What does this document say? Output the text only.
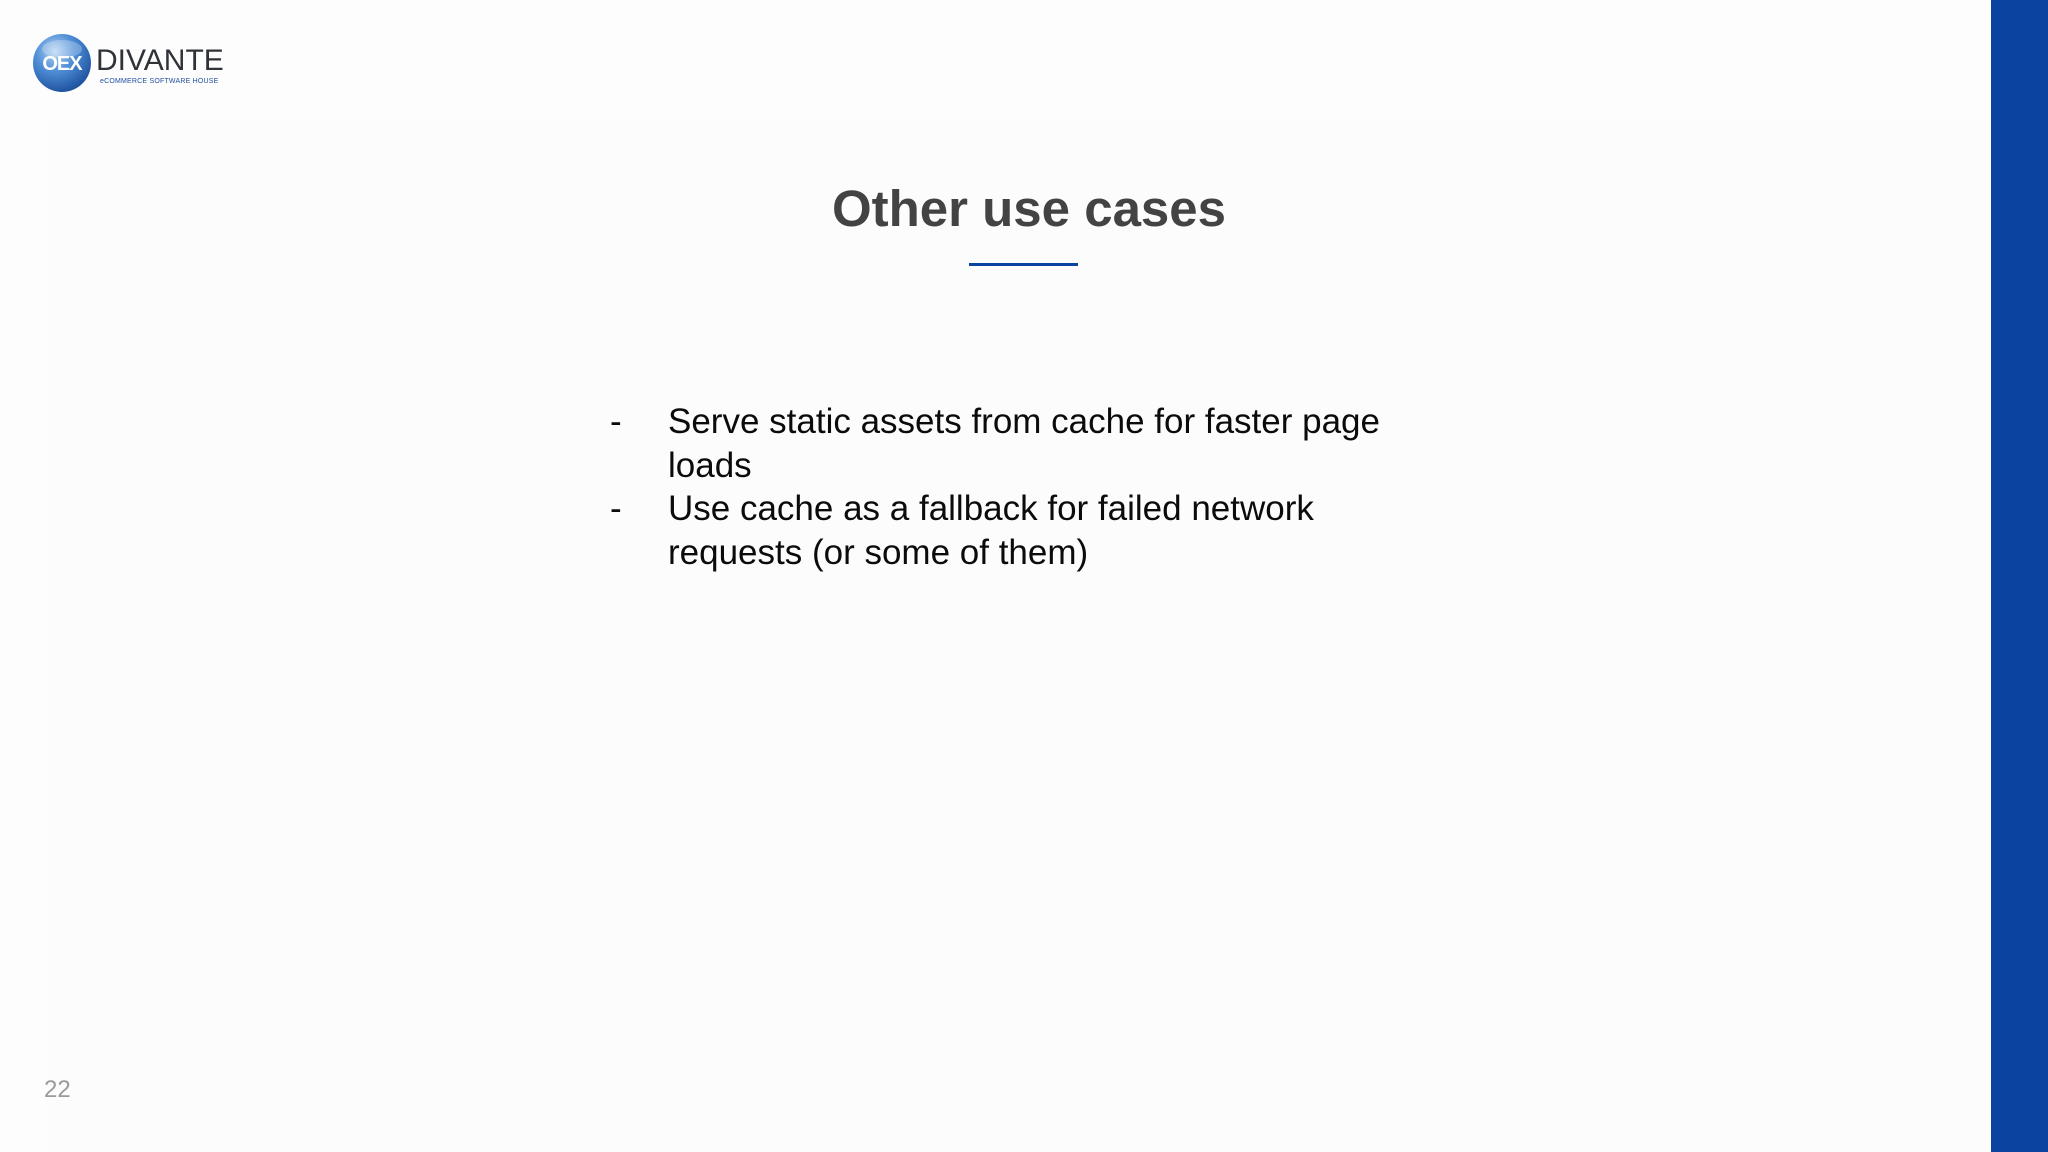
OEX DIVANTE
eCOMMERCE SOFTWARE HOUSE
Other use cases
- Serve static assets from cache for faster page loads
- Use cache as a fallback for failed network requests (or some of them)
22
